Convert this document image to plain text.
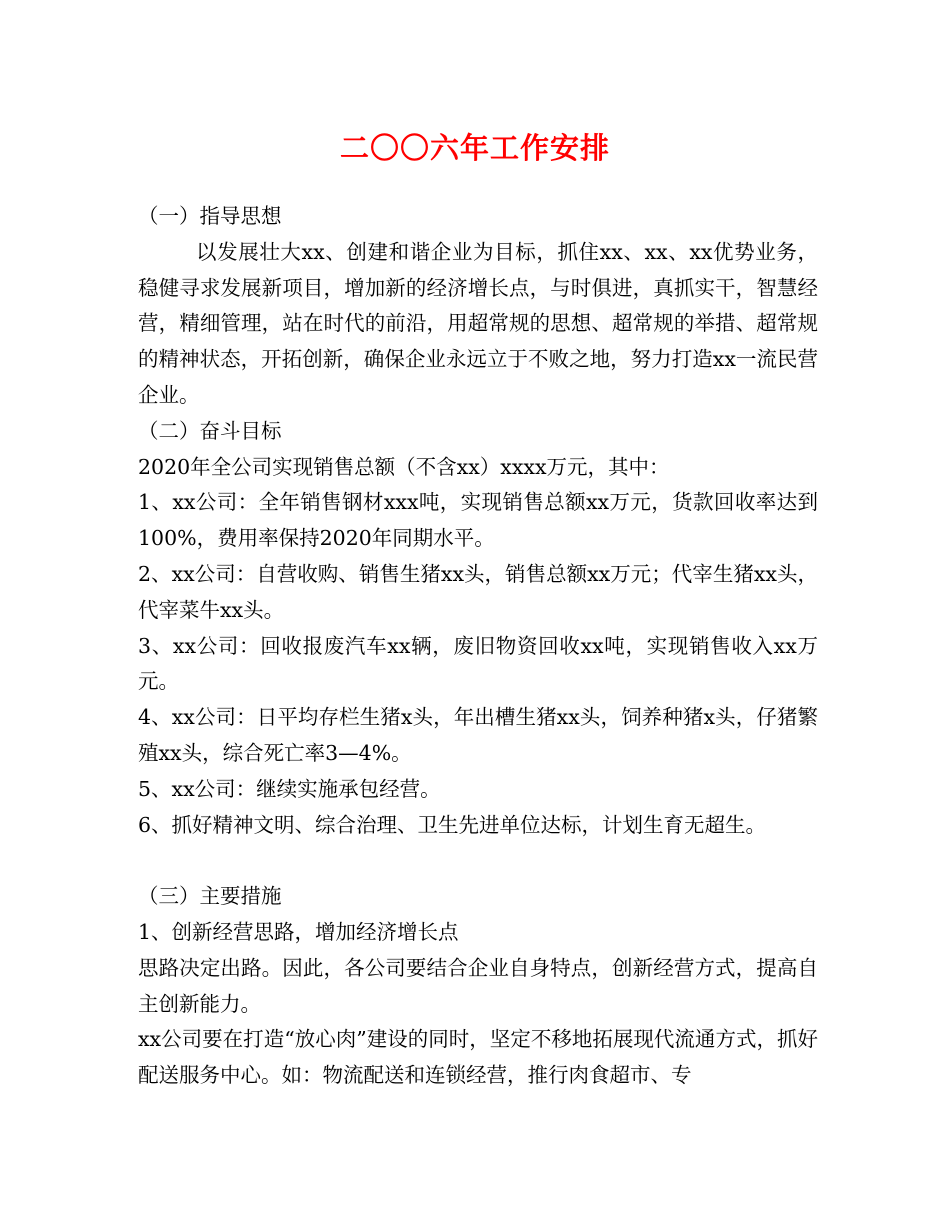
二〇〇六年工作安排

（一）指导思想

以发展壮大xx、创建和谐企业为目标，抓住xx、xx、xx优势业务，稳健寻求发展新项目，增加新的经济增长点，与时俱进，真抓实干，智慧经营，精细管理，站在时代的前沿，用超常规的思想、超常规的举措、超常规的精神状态，开拓创新，确保企业永远立于不败之地，努力打造xx一流民营企业。

（二）奋斗目标

2020年全公司实现销售总额（不含xx）xxxx万元，其中：

1、xx公司：全年销售钢材xxx吨，实现销售总额xx万元，货款回收率达到100%，费用率保持2020年同期水平。

2、xx公司：自营收购、销售生猪xx头，销售总额xx万元；代宰生猪xx头，代宰菜牛xx头。

3、xx公司：回收报废汽车xx辆，废旧物资回收xx吨，实现销售收入xx万元。

4、xx公司：日平均存栏生猪x头，年出槽生猪xx头，饲养种猪x头，仔猪繁殖xx头，综合死亡率3—4%。

5、xx公司：继续实施承包经营。

6、抓好精神文明、综合治理、卫生先进单位达标，计划生育无超生。

（三）主要措施

1、创新经营思路，增加经济增长点

思路决定出路。因此，各公司要结合企业自身特点，创新经营方式，提高自主创新能力。

xx公司要在打造“放心肉”建设的同时，坚定不移地拓展现代流通方式，抓好配送服务中心。如：物流配送和连锁经营，推行肉食超市、专
